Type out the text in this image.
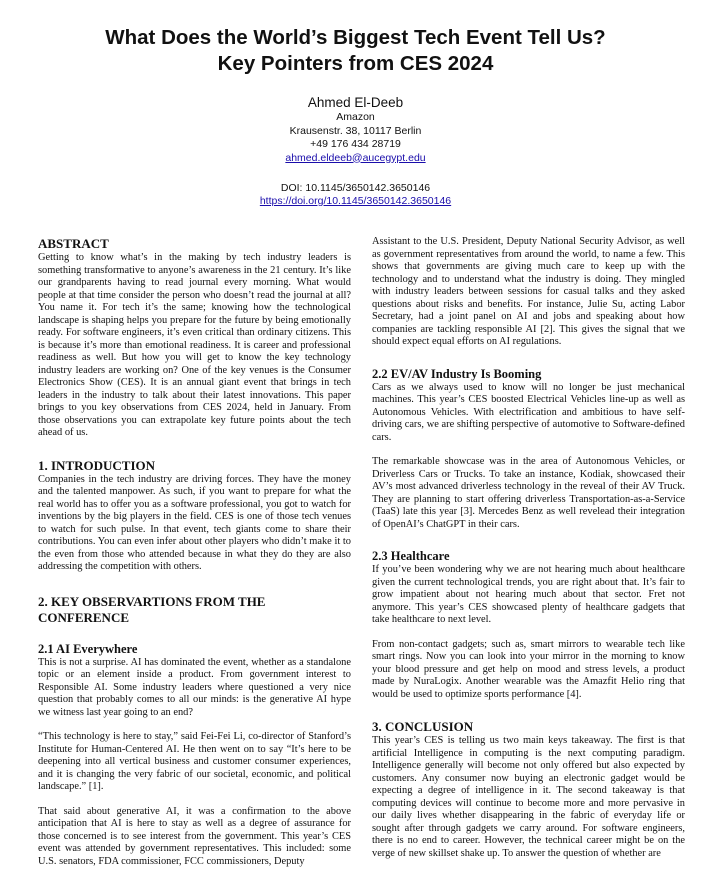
What Does the World’s Biggest Tech Event Tell Us?
Key Pointers from CES 2024
Ahmed El-Deeb
Amazon
Krausenstr. 38, 10117 Berlin
+49 176 434 28719
ahmed.eldeeb@aucegypt.edu
DOI: 10.1145/3650142.3650146
https://doi.org/10.1145/3650142.3650146
ABSTRACT

Getting to know what’s in the making by tech industry leaders is something transformative to anyone’s awareness in the 21 century. It’s like our grandparents having to read journal every morning. What would people at that time consider the person who doesn’t read the journal at all? You name it. For tech it’s the same; knowing how the technological landscape is shaping helps you prepare for the future by being emotionally ready. For software engineers, it’s even critical than ordinary citizens. This is because it’s more than emotional readiness. It is career and professional readiness as well. But how you will get to know the key technology industry leaders are working on? One of the key venues is the Consumer Electronics Show (CES). It is an annual giant event that brings in tech leaders in the industry to talk about their latest innovations. This paper brings to you key observations from CES 2024, held in January. From those observations you can extrapolate key future points about the tech ahead of us.

1. INTRODUCTION

Companies in the tech industry are driving forces. They have the money and the talented manpower. As such, if you want to prepare for what the real world has to offer you as a software professional, you got to watch for inventions by the big players in the field. CES is one of those tech venues to watch for such pulse. In that event, tech giants come to share their contributions. You can even infer about other players who didn’t make it to the even from those who attended because in what they do they are also addressing the competition with others.

2. KEY OBSERVARTIONS FROM THE CONFERENCE
2.1 AI Everywhere

This is not a surprise. AI has dominated the event, whether as a standalone topic or an element inside a product. From government interest to Responsible AI. Some industry leaders where questioned a very nice question that probably comes to all our minds: is the generative AI hype we witness last year going to an end?

“This technology is here to stay,” said Fei-Fei Li, co-director of Stanford’s Institute for Human-Centered AI. He then went on to say “It’s here to be deepening into all vertical business and customer consumer experiences, and it is changing the very fabric of our societal, economic, and political landscape.” [1].

That said about generative AI, it was a confirmation to the above anticipation that AI is here to stay as well as a degree of assurance for those concerned is to see interest from the government. This year’s CES event was attended by government representatives. This included: some U.S. senators, FDA commissioner, FCC commissioners, Deputy

Assistant to the U.S. President, Deputy National Security Advisor, as well as government representatives from around the world, to name a few. This shows that governments are giving much care to keep up with the technology and to understand what the industry is doing. They mingled with industry leaders between sessions for casual talks and they asked questions about risks and benefits. For instance, Julie Su, acting Labor Secretary, had a joint panel on AI and jobs and speaking about how companies are tackling responsible AI [2]. This gives the signal that we should expect equal efforts on AI regulations.

2.2 EV/AV Industry Is Booming

Cars as we always used to know will no longer be just mechanical machines. This year’s CES boosted Electrical Vehicles line-up as well as Autonomous Vehicles. With electrification and ambitious to have self-driving cars, we are shifting perspective of automotive to Software-defined cars.

The remarkable showcase was in the area of Autonomous Vehicles, or Driverless Cars or Trucks. To take an instance, Kodiak, showcased their AV’s most advanced driverless technology in the reveal of their AV Truck. They are planning to start offering driverless Transportation-as-a-Service (TaaS) late this year [3]. Mercedes Benz as well revelead their integration of OpenAI’s ChatGPT in their cars.

2.3 Healthcare

If you’ve been wondering why we are not hearing much about healthcare given the current technological trends, you are right about that. It’s fair to grow impatient about not hearing much about that sector. Fret not anymore. This year’s CES showcased plenty of healthcare gadgets that take healthcare to next level.

From non-contact gadgets; such as, smart mirrors to wearable tech like smart rings. Now you can look into your mirror in the morning to know your blood pressure and get help on mood and stress levels, a product made by NuraLogix. Another wearable was the Amazfit Helio ring that would be used to optimize sports performance [4].

3. CONCLUSION

This year’s CES is telling us two main keys takeaway. The first is that artificial Intelligence in computing is the next computing paradigm. Intelligence generally will become not only offered but also expected by customers. Any consumer now buying an electronic gadget would be expecting a degree of intelligence in it. The second takeaway is that computing devices will continue to become more and more pervasive in our daily lives whether disappearing in the fabric of everyday life or sought after through gadgets we carry around. For software engineers, there is no end to career. However, the technical career might be on the verge of new skillset shake up. To answer the question of whether are
